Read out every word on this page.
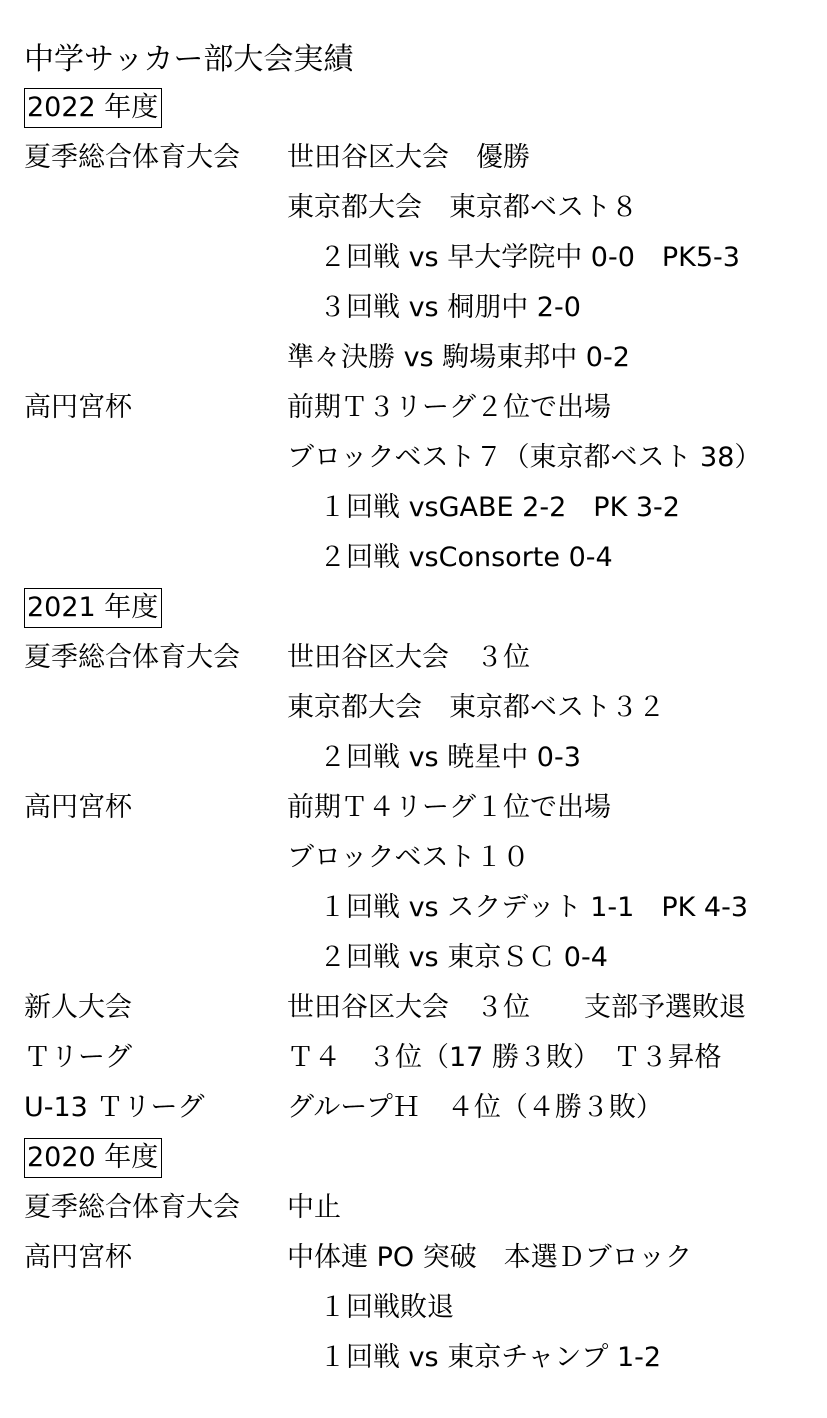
中学サッカー部大会実績
2022 年度
夏季総合体育大会 世田谷区大会　優勝
東京都大会　東京都ベスト８
２回戦 vs 早大学院中 0-0　PK5-3
３回戦 vs 桐朋中 2-0
準々決勝 vs 駒場東邦中 0-2
高円宮杯	前期Ｔ３リーグ２位で出場
ブロックベスト７（東京都ベスト 38）
１回戦 vsGABE 2-2　PK 3-2
２回戦 vsConsorte 0-4
2021 年度
夏季総合体育大会 世田谷区大会　３位
東京都大会　東京都ベスト３２
２回戦 vs 暁星中 0-3
高円宮杯	前期Ｔ４リーグ１位で出場
ブロックベスト１０
１回戦 vs スクデット 1-1　PK 4-3
２回戦 vs 東京ＳＣ 0-4
新人大会	世田谷区大会　３位　　支部予選敗退
Ｔリーグ	Ｔ４　３位（17 勝３敗）　Ｔ３昇格
U-13 Ｔリーグ	グループＨ　４位（４勝３敗）
2020 年度
夏季総合体育大会 中止
高円宮杯	中体連 PO 突破　本選Ｄブロック
１回戦敗退
１回戦 vs 東京チャンプ 1-2
